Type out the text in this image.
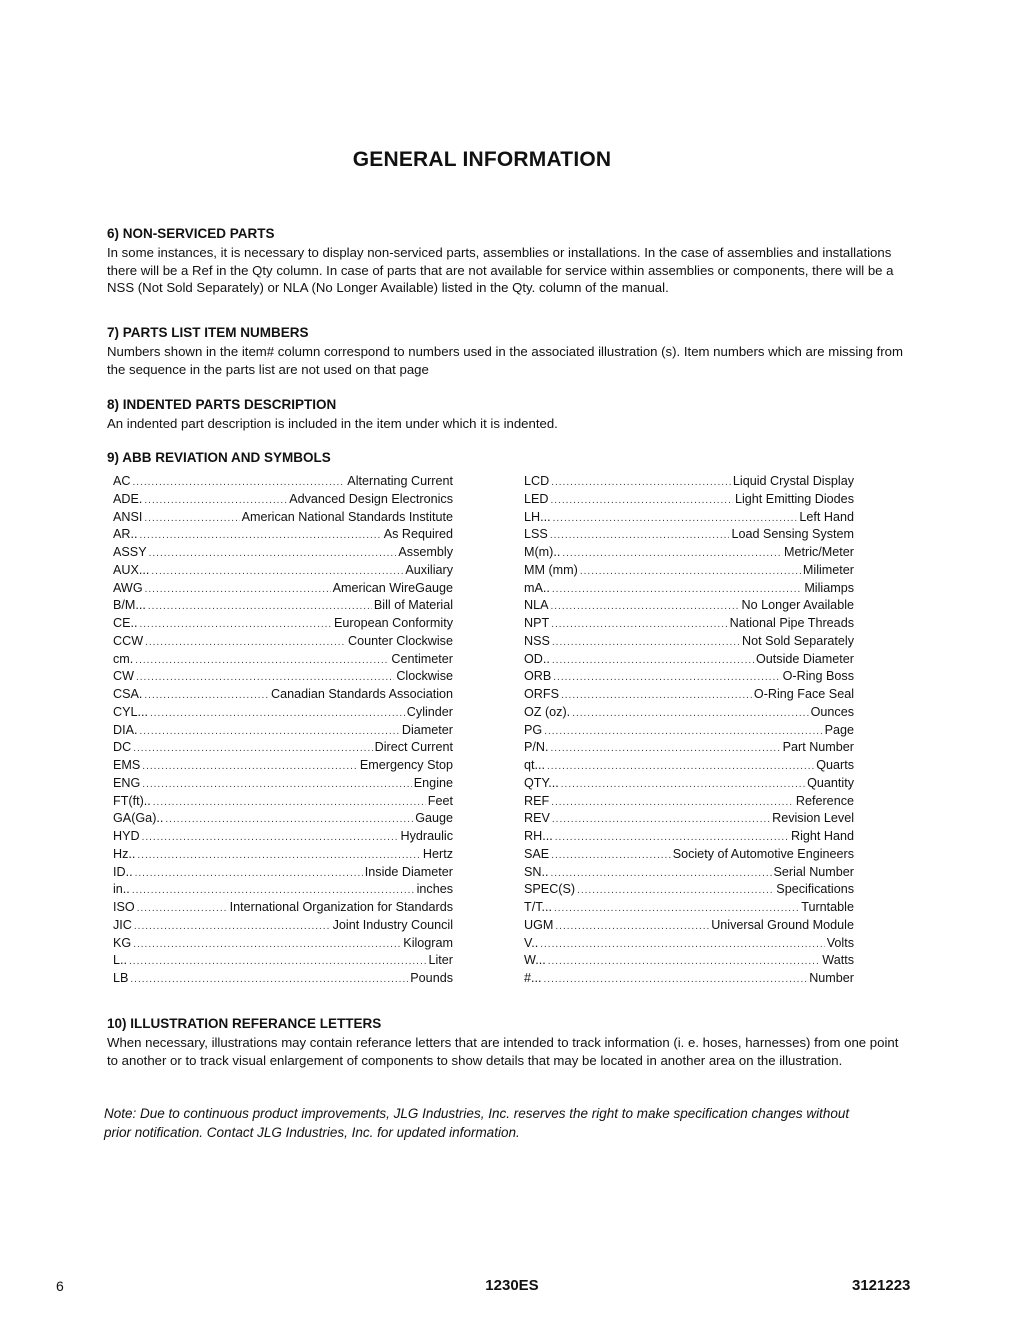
GENERAL INFORMATION
6) NON-SERVICED PARTS

In some instances, it is necessary to display non-serviced parts, assemblies or installations. In the case of assemblies and installations there will be a Ref in the Qty column. In case of parts that are not available for service within assemblies or components, there will be a NSS (Not Sold Separately) or NLA (No Longer Available) listed in the Qty. column of the manual.

7) PARTS LIST ITEM NUMBERS

Numbers shown in the item# column correspond to numbers used in the associated illustration (s). Item numbers which are missing from the sequence in the parts list are not used on that page

8) INDENTED PARTS DESCRIPTION

An indented part description is included in the item under which it is indented.

9) ABB REVIATION AND SYMBOLS
AC .....	Alternating Current
ADE. .....	Advanced Design Electronics
ANSI .....	American National Standards Institute
AR.. .....	As Required
ASSY .....	Assembly
AUX... .....	Auxiliary
AWG .....	American WireGauge
B/M... .....	Bill of Material
CE.. .....	European Conformity
CCW .....	Counter Clockwise
cm. .....	Centimeter
CW .....	Clockwise
CSA. .....	Canadian Standards Association
CYL... .....	Cylinder
DIA. .....	Diameter
DC .....	Direct Current
EMS .....	Emergency Stop
ENG .....	Engine
FT(ft).. .....	Feet
GA(Ga).. .....	Gauge
HYD .....	Hydraulic
Hz.. .....	Hertz
ID.. .....	Inside Diameter
in.. .....	inches
ISO .....	International Organization for Standards
JIC .....	Joint Industry Council
KG .....	Kilogram
L.. .....	Liter
LB .....	Pounds
LCD .....	Liquid Crystal Display
LED .....	Light Emitting Diodes
LH... .....	Left Hand
LSS .....	Load Sensing System
M(m).. .....	Metric/Meter
MM (mm) .....	Milimeter
mA.. .....	Miliamps
NLA .....	No Longer Available
NPT .....	National Pipe Threads
NSS .....	Not Sold Separately
OD.. .....	Outside Diameter
ORB .....	O-Ring Boss
ORFS .....	O-Ring Face Seal
OZ (oz). .....	Ounces
PG .....	Page
P/N. .....	Part Number
qt... .....	Quarts
QTY... .....	Quantity
REF .....	Reference
REV .....	Revision Level
RH... .....	Right Hand
SAE .....	Society of Automotive Engineers
SN.. .....	Serial Number
SPEC(S) .....	Specifications
T/T... .....	Turntable
UGM .....	Universal Ground Module
V.. .....	Volts
W... .....	Watts
#... .....	Number
10) ILLUSTRATION REFERANCE LETTERS

When necessary, illustrations may contain referance letters that are intended to track information (i. e. hoses, harnesses) from one point to another or to track visual enlargement of components to show details that may be located in another area on the illustration.

Note: Due to continuous product improvements, JLG Industries, Inc. reserves the right to make specification changes without prior notification. Contact JLG Industries, Inc. for updated information.

6	1230ES	3121223
